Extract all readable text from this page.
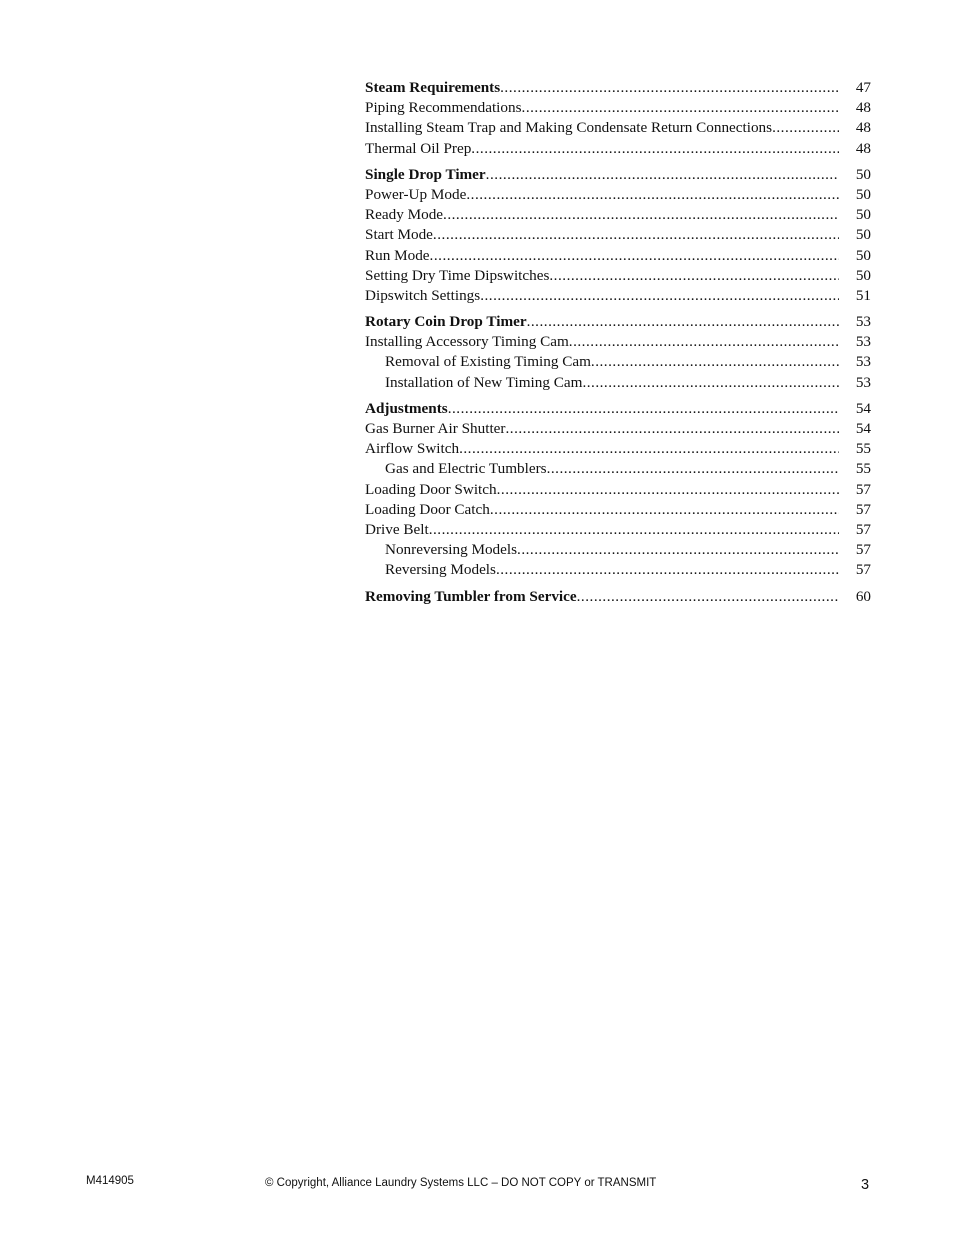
Steam Requirements .....	47
Piping Recommendations .....	48
Installing Steam Trap and Making Condensate Return Connections .....	48
Thermal Oil Prep .....	48
Single Drop Timer .....	50
Power-Up Mode .....	50
Ready Mode .....	50
Start Mode .....	50
Run Mode .....	50
Setting Dry Time Dipswitches .....	50
Dipswitch Settings .....	51
Rotary Coin Drop Timer .....	53
Installing Accessory Timing Cam .....	53
Removal of Existing Timing Cam .....	53
Installation of New Timing Cam .....	53
Adjustments .....	54
Gas Burner Air Shutter .....	54
Airflow Switch .....	55
Gas and Electric Tumblers .....	55
Loading Door Switch .....	57
Loading Door Catch .....	57
Drive Belt .....	57
Nonreversing Models .....	57
Reversing Models .....	57
Removing Tumbler from Service .....	60
M414905	© Copyright, Alliance Laundry Systems LLC – DO NOT COPY or TRANSMIT	3
